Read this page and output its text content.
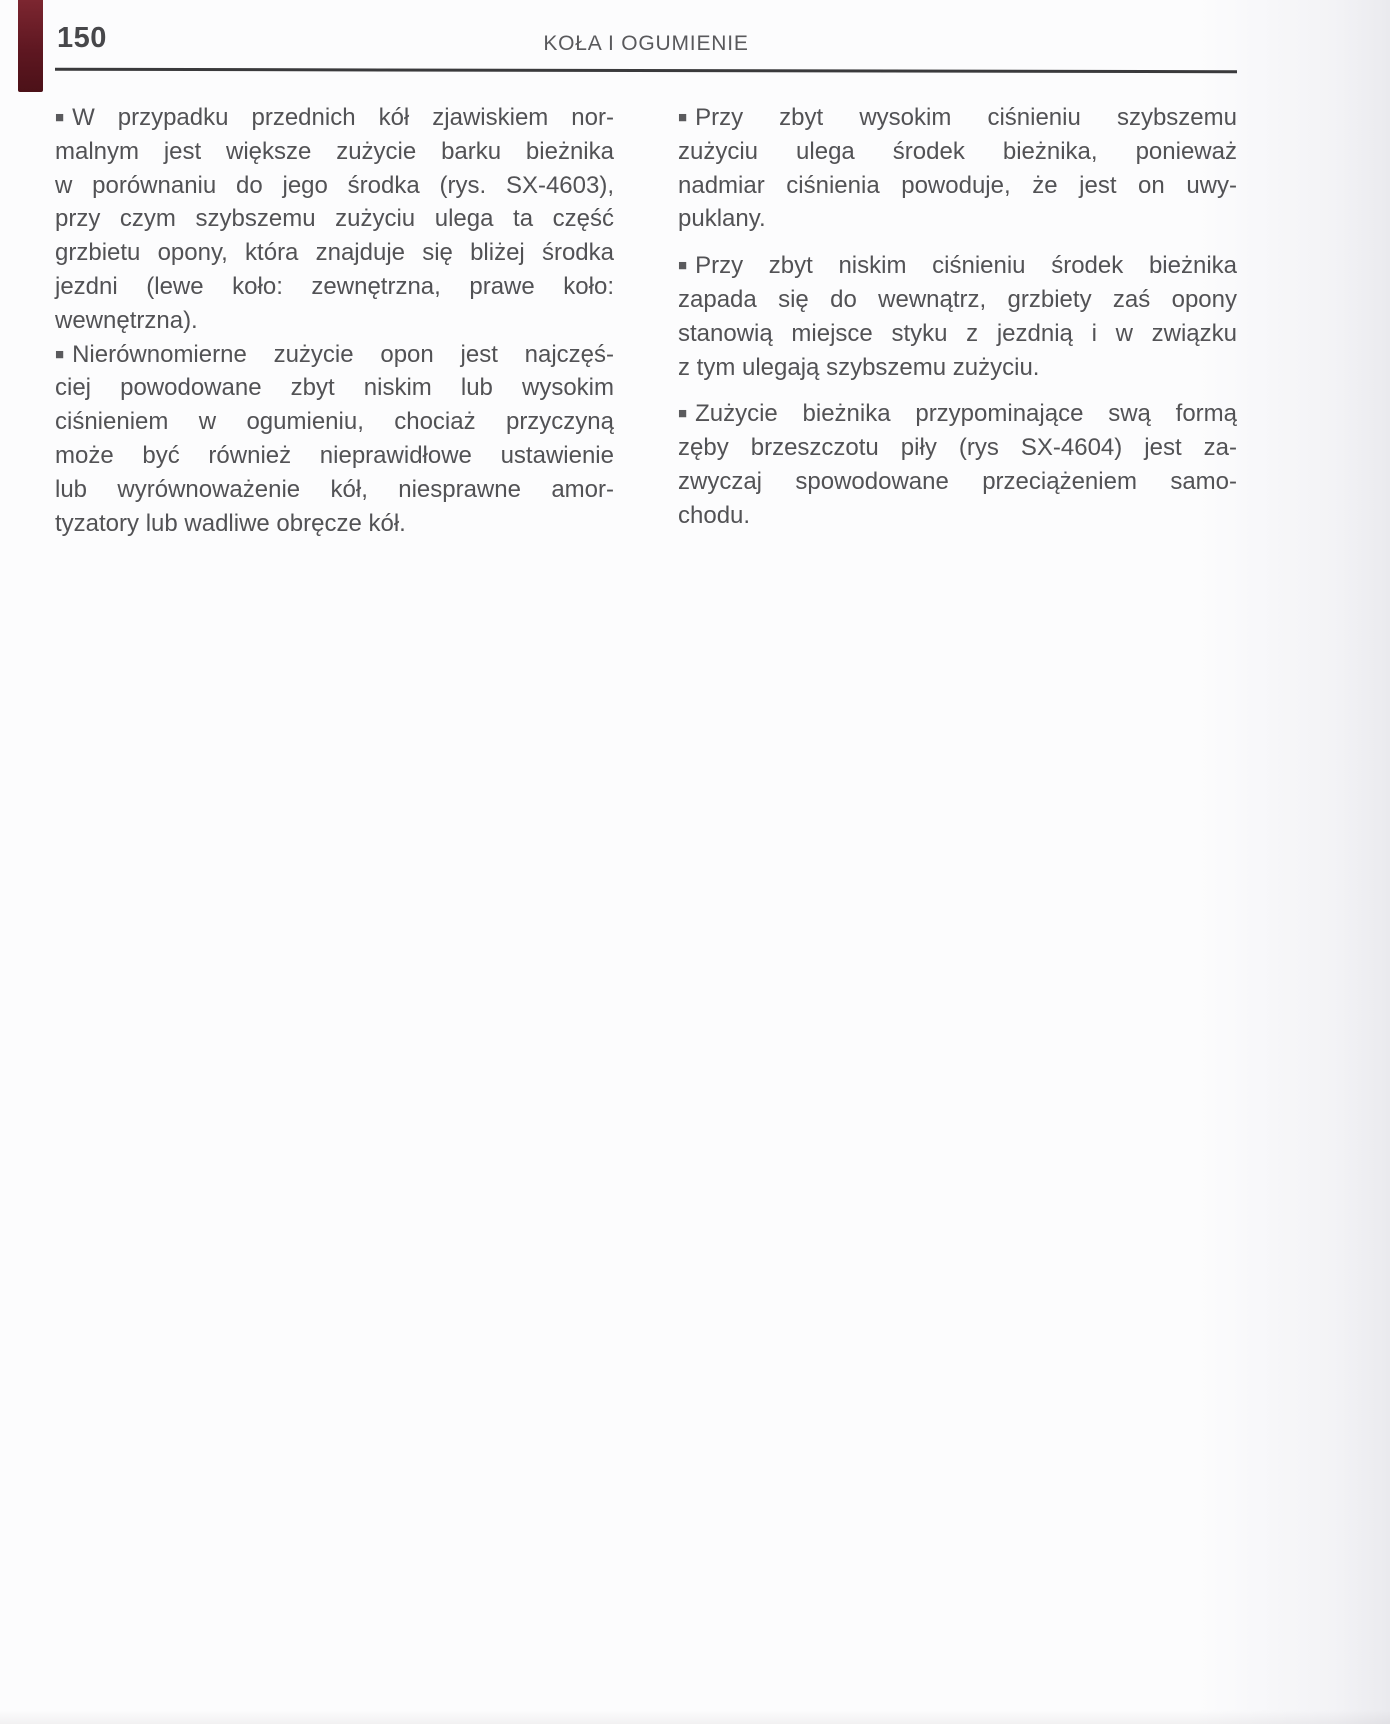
150	KOŁA I OGUMIENIE
■ W przypadku przednich kół zjawiskiem nor-
malnym jest większe zużycie barku bieżnika
w porównaniu do jego środka (rys. SX-4603),
przy czym szybszemu zużyciu ulega ta część
grzbietu opony, która znajduje się bliżej środka
jezdni (lewe koło: zewnętrzna, prawe koło:
wewnętrzna).
■ Nierównomierne zużycie opon jest najczęś-
ciej powodowane zbyt niskim lub wysokim
ciśnieniem w ogumieniu, chociaż przyczyną
może być również nieprawidłowe ustawienie
lub wyrównoważenie kół, niesprawne amor-
tyzatory lub wadliwe obręcze kół.
■ Przy zbyt wysokim ciśnieniu szybszemu
zużyciu ulega środek bieżnika, ponieważ
nadmiar ciśnienia powoduje, że jest on uwy-
puklany.
■ Przy zbyt niskim ciśnieniu środek bieżnika
zapada się do wewnątrz, grzbiety zaś opony
stanowią miejsce styku z jezdnią i w związku
z tym ulegają szybszemu zużyciu.
■ Zużycie bieżnika przypominające swą formą
zęby brzeszczotu piły (rys SX-4604) jest za-
zwyczaj spowodowane przeciążeniem samo-
chodu.
